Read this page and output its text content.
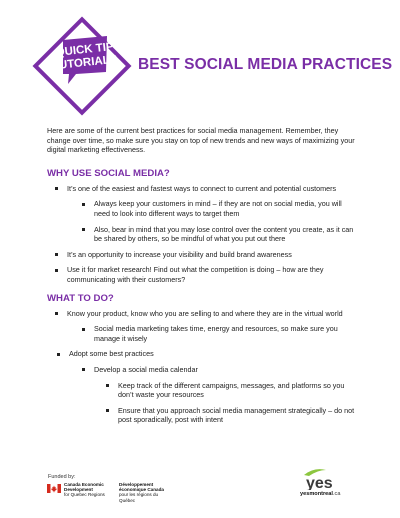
QUICK TIP
TUTORIALS BEST SOCIAL MEDIA PRACTICES

Here are some of the current best practices for social media management. Remember, they change over time, so make sure you stay on top of new trends and new ways of maximizing your digital marketing effectiveness.

WHY USE SOCIAL MEDIA?
It’s one of the easiest and fastest ways to connect to current and potential customers
Always keep your customers in mind – if they are not on social media, you will need to look into different ways to target them
Also, bear in mind that you may lose control over the content you create, as it can be shared by others, so be mindful of what you put out there
It’s an opportunity to increase your visibility and build brand awareness
Use it for market research! Find out what the competition is doing – how are they communicating with their customers?
WHAT TO DO?
Know your product, know who you are selling to and where they are in the virtual world
Social media marketing takes time, energy and resources, so make sure you manage it wisely
Adopt some best practices
Develop a social media calendar
Keep track of the different campaigns, messages, and platforms so you don’t waste your resources
Ensure that you approach social media management strategically – do not post sporadically, post with intent
Funded by:
Canada Economic
Development
for Quebec Regions
Développement
économique Canada
pour les régions du Québec
yes
yesmontreal.ca
